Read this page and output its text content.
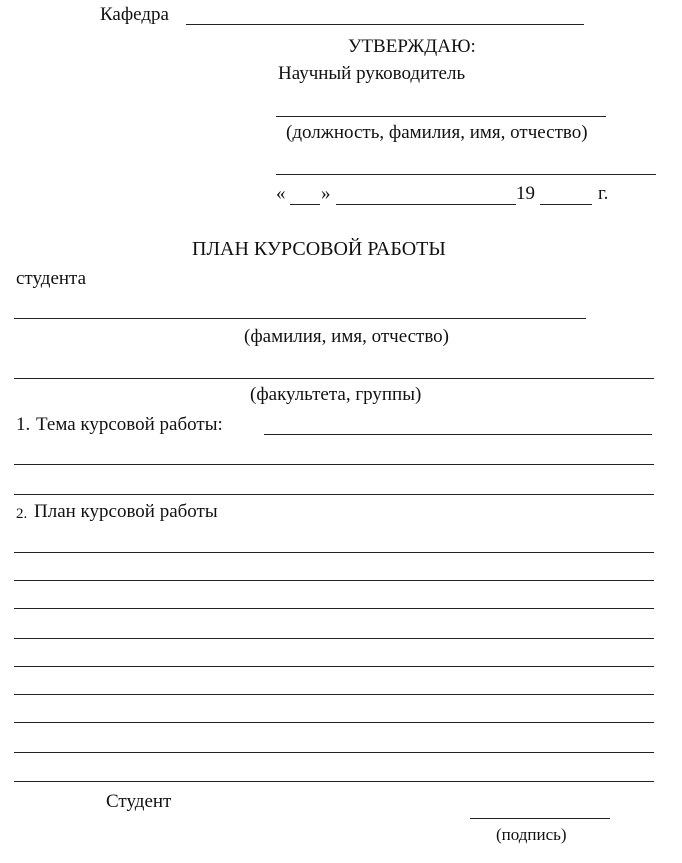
Кафедра
УТВЕРЖДАЮ:
Научный руководитель
(должность, фамилия, имя, отчество)
« »	19	г.
ПЛАН КУРСОВОЙ РАБОТЫ
студента
(фамилия, имя, отчество)
(факультета, группы)
1. Тема курсовой работы:
2. План курсовой работы
Студент
(подпись)
